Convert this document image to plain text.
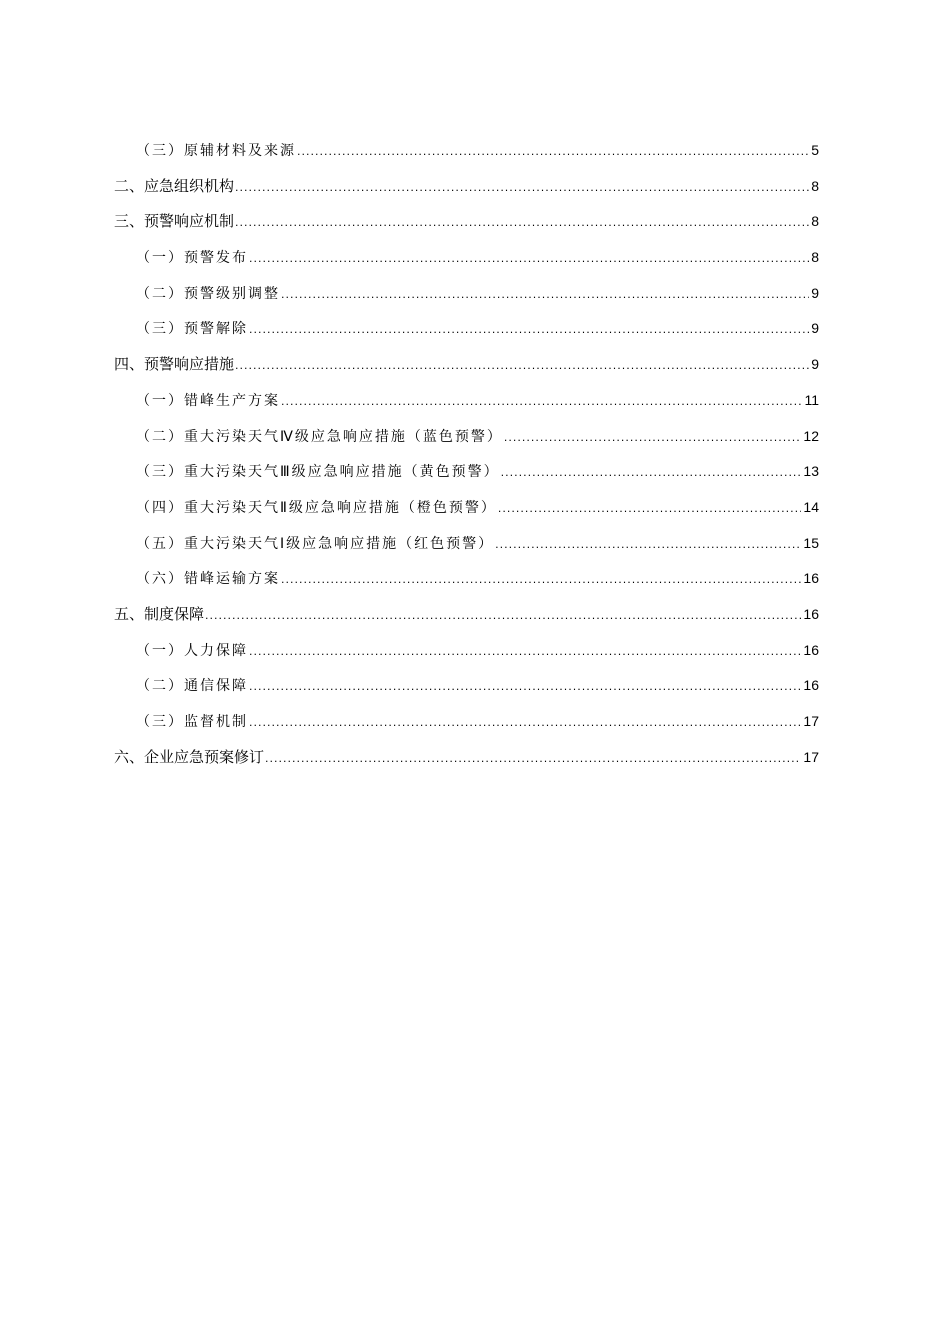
（三）原辅材料及来源 .....	5
二、应急组织机构 .....	8
三、预警响应机制 .....	8
（一）预警发布 .....	8
（二）预警级别调整 .....	9
（三）预警解除 .....	9
四、预警响应措施 .....	9
（一）错峰生产方案 .....	11
（二）重大污染天气Ⅳ级应急响应措施（蓝色预警） .....	12
（三）重大污染天气Ⅲ级应急响应措施（黄色预警） .....	13
（四）重大污染天气Ⅱ级应急响应措施（橙色预警） .....	14
（五）重大污染天气Ⅰ级应急响应措施（红色预警） .....	15
（六）错峰运输方案 .....	16
五、制度保障 .....	16
（一）人力保障 .....	16
（二）通信保障 .....	16
（三）监督机制 .....	17
六、企业应急预案修订 .....	17
